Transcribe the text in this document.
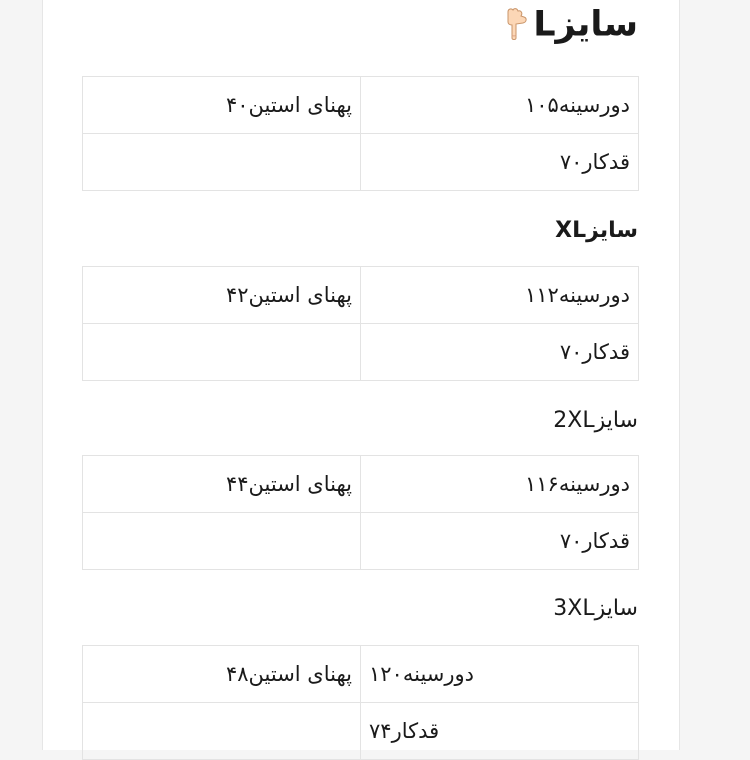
سایزL
دورسینه۱۰۵	پهنای استین۴۰
قدکار۷۰	
سایزXL
دورسینه۱۱۲	پهنای استین۴۲
قدکار۷۰	
سایز2XL
دورسینه۱۱۶	پهنای استین۴۴
قدکار۷۰	
سایز3XL
دورسینه۱۲۰	پهنای استین۴۸
قدکار۷۴	
